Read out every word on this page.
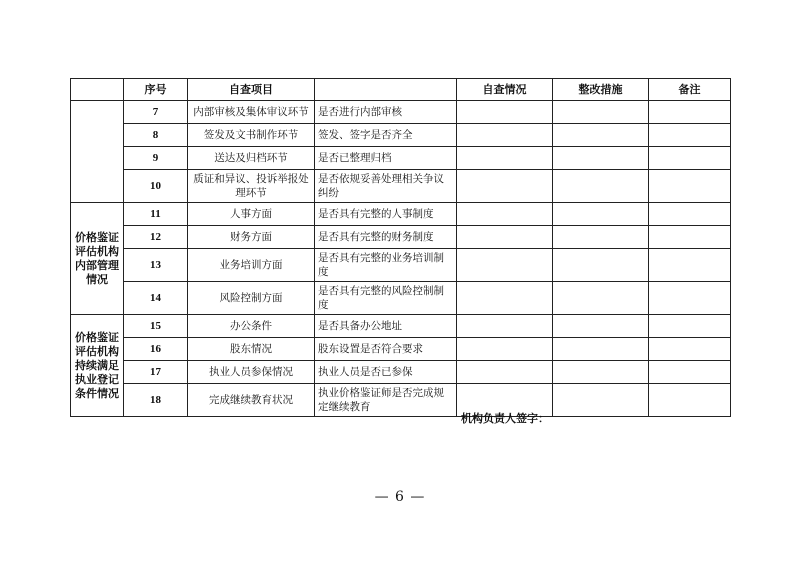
	序号	自查项目		自查情况	整改措施	备注
	7	内部审核及集体审议环节	是否进行内部审核			
	8	签发及文书制作环节	签发、签字是否齐全			
	9	送达及归档环节	是否已整理归档			
	10	质证和异议、投诉举报处理环节	是否依规妥善处理相关争议纠纷			
价格鉴证评估机构内部管理情况	11	人事方面	是否具有完整的人事制度			
	12	财务方面	是否具有完整的财务制度			
	13	业务培训方面	是否具有完整的业务培训制度			
	14	风险控制方面	是否具有完整的风险控制制度			
价格鉴证评估机构持续满足执业登记条件情况	15	办公条件	是否具备办公地址			
	16	股东情况	股东设置是否符合要求			
	17	执业人员参保情况	执业人员是否已参保			
	18	完成继续教育状况	执业价格鉴证师是否完成规定继续教育			
机构负责人签字：
— 6 —
